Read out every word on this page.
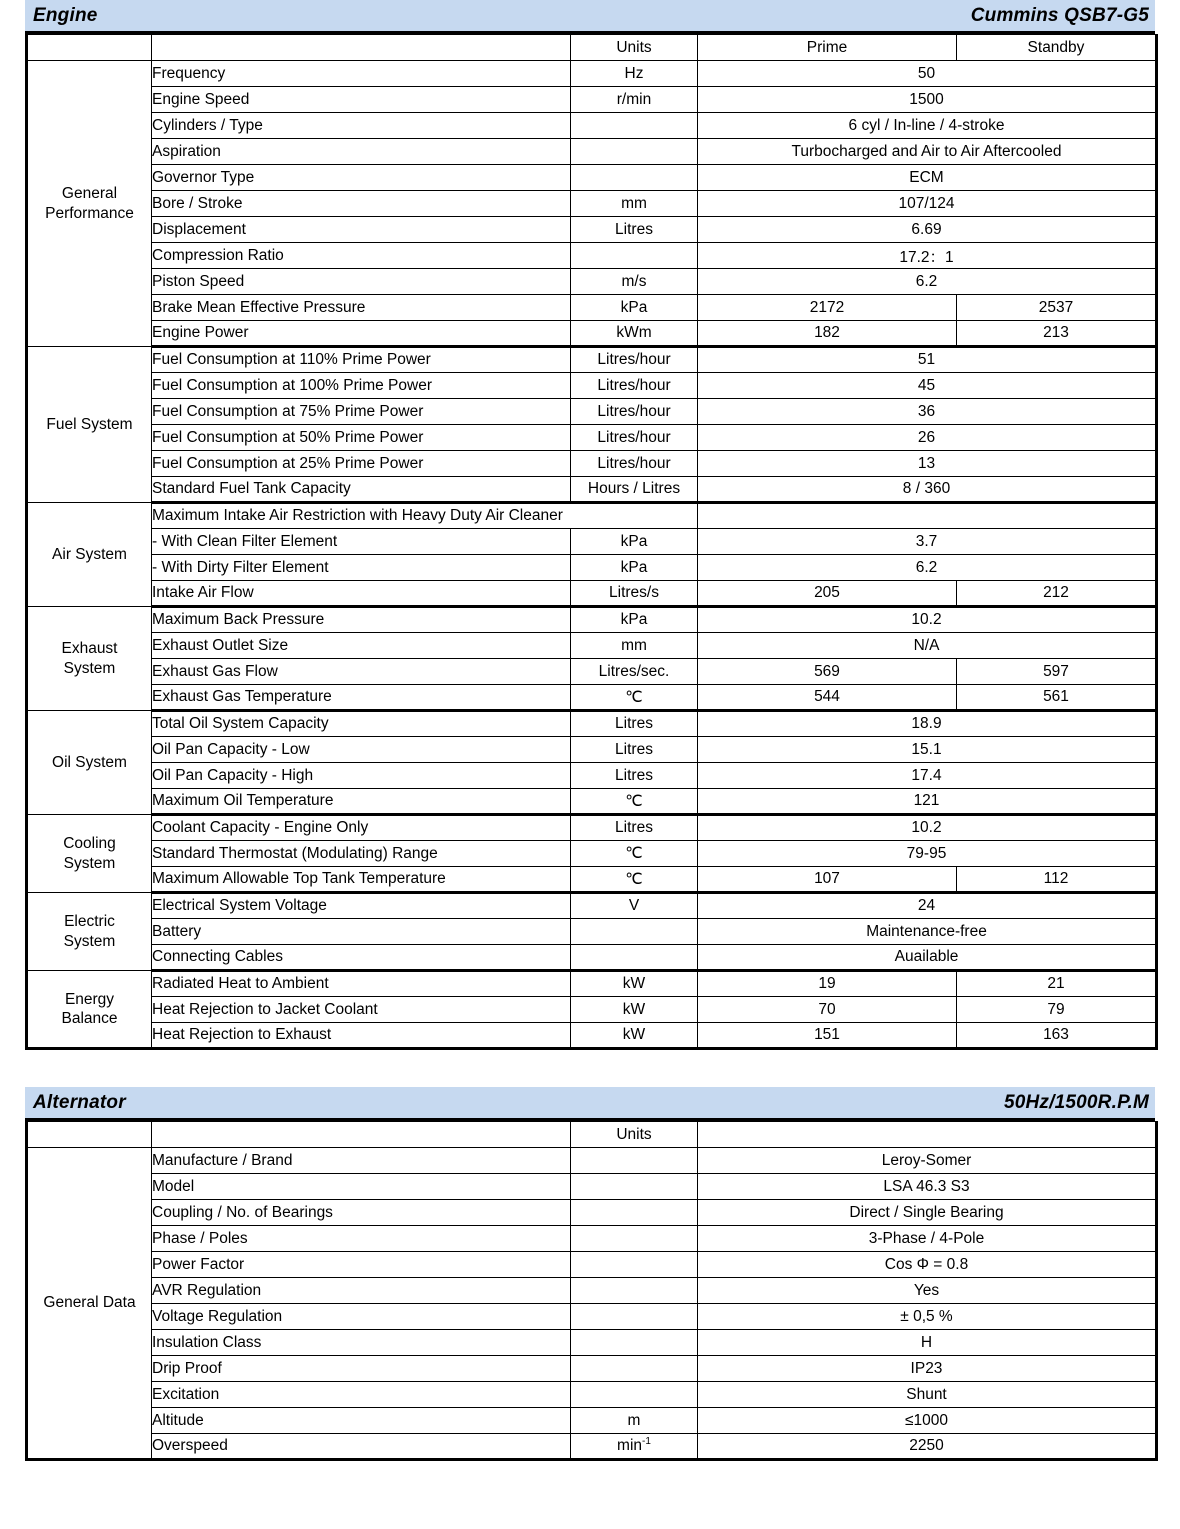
Engine	Cummins QSB7-G5
		Units	Prime	Standby
General
Performance	Frequency	Hz	50	
	Engine Speed	r/min	1500	
	Cylinders / Type		6 cyl / In-line / 4-stroke	
	Aspiration		Turbocharged and Air to Air Aftercooled	
	Governor Type		ECM	
	Bore / Stroke	mm	107/124	
	Displacement	Litres	6.69	
	Compression Ratio		17.2：1	
	Piston Speed	m/s	6.2	
	Brake Mean Effective Pressure	kPa	2172	2537
	Engine Power	kWm	182	213
Fuel System	Fuel Consumption at 110% Prime Power	Litres/hour	51	
	Fuel Consumption at 100% Prime Power	Litres/hour	45	
	Fuel Consumption at 75% Prime Power	Litres/hour	36	
	Fuel Consumption at 50% Prime Power	Litres/hour	26	
	Fuel Consumption at 25% Prime Power	Litres/hour	13	
	Standard Fuel Tank Capacity	Hours / Litres	8 / 360	
Air System	Maximum Intake Air Restriction with Heavy Duty Air Cleaner			
	- With Clean Filter Element	kPa	3.7	
	- With Dirty Filter Element	kPa	6.2	
	Intake Air Flow	Litres/s	205	212
Exhaust
System	Maximum Back Pressure	kPa	10.2	
	Exhaust Outlet Size	mm	N/A	
	Exhaust Gas Flow	Litres/sec.	569	597
	Exhaust Gas Temperature	℃	544	561
Oil System	Total Oil System Capacity	Litres	18.9	
	Oil Pan Capacity - Low	Litres	15.1	
	Oil Pan Capacity - High	Litres	17.4	
	Maximum Oil Temperature	℃	121	
Cooling
System	Coolant Capacity - Engine Only	Litres	10.2	
	Standard Thermostat (Modulating) Range	℃	79-95	
	Maximum Allowable Top Tank Temperature	℃	107	112
Electric
System	Electrical System Voltage	V	24	
	Battery		Maintenance-free	
	Connecting Cables		Auailable	
Energy
Balance	Radiated Heat to Ambient	kW	19	21
	Heat Rejection to Jacket Coolant	kW	70	79
	Heat Rejection to Exhaust	kW	151	163
Alternator	50Hz/1500R.P.M
		Units	
General Data	Manufacture / Brand		Leroy-Somer
	Model		LSA 46.3 S3
	Coupling / No. of Bearings		Direct / Single Bearing
	Phase / Poles		3-Phase / 4-Pole
	Power Factor		Cos Φ = 0.8
	AVR Regulation		Yes
	Voltage Regulation		± 0,5 %
	Insulation Class		H
	Drip Proof		IP23
	Excitation		Shunt
	Altitude	m	≤1000
	Overspeed	$\min^{-1}$	2250
